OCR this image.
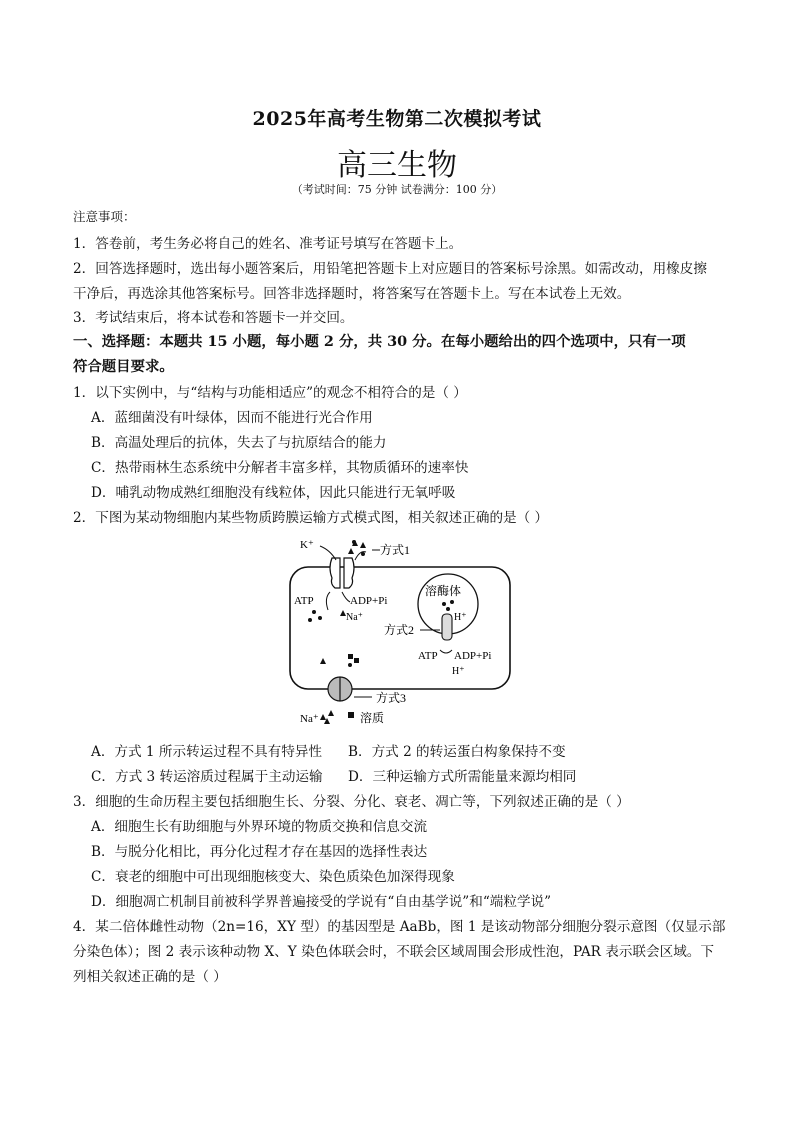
2025年高考生物第二次模拟考试
高三生物
（考试时间：75 分钟 试卷满分：100 分）
注意事项：
1．答卷前，考生务必将自己的姓名、准考证号填写在答题卡上。
2．回答选择题时，选出每小题答案后，用铅笔把答题卡上对应题目的答案标号涂黑。如需改动，用橡皮擦
干净后，再选涂其他答案标号。回答非选择题时，将答案写在答题卡上。写在本试卷上无效。
3．考试结束后，将本试卷和答题卡一并交回。
一、选择题：本题共 15 小题，每小题 2 分，共 30 分。在每小题给出的四个选项中，只有一项
符合题目要求。
1．以下实例中，与“结构与功能相适应”的观念不相符合的是（ ）
A．蓝细菌没有叶绿体，因而不能进行光合作用
B．高温处理后的抗体，失去了与抗原结合的能力
C．热带雨林生态系统中分解者丰富多样，其物质循环的速率快
D．哺乳动物成熟红细胞没有线粒体，因此只能进行无氧呼吸
2．下图为某动物细胞内某些物质跨膜运输方式模式图，相关叙述正确的是（ ）
K⁺	方式1
ATP	ADP+Pi
Na⁺
溶酶体
H⁺
方式2
ATP ADP+Pi
H⁺
方式3
Na⁺	溶质
A．方式 1 所示转运过程不具有特异性 B．方式 2 的转运蛋白构象保持不变
C．方式 3 转运溶质过程属于主动运输 D．三种运输方式所需能量来源均相同
3．细胞的生命历程主要包括细胞生长、分裂、分化、衰老、凋亡等，下列叙述正确的是（ ）
A．细胞生长有助细胞与外界环境的物质交换和信息交流
B．与脱分化相比，再分化过程才存在基因的选择性表达
C．衰老的细胞中可出现细胞核变大、染色质染色加深得现象
D．细胞凋亡机制目前被科学界普遍接受的学说有“自由基学说”和“端粒学说”
4．某二倍体雌性动物（2n=16，XY 型）的基因型是 AaBb，图 1 是该动物部分细胞分裂示意图（仅显示部
分染色体）；图 2 表示该种动物 X、Y 染色体联会时，不联会区域周围会形成性泡，PAR 表示联会区域。下
列相关叙述正确的是（ ）
